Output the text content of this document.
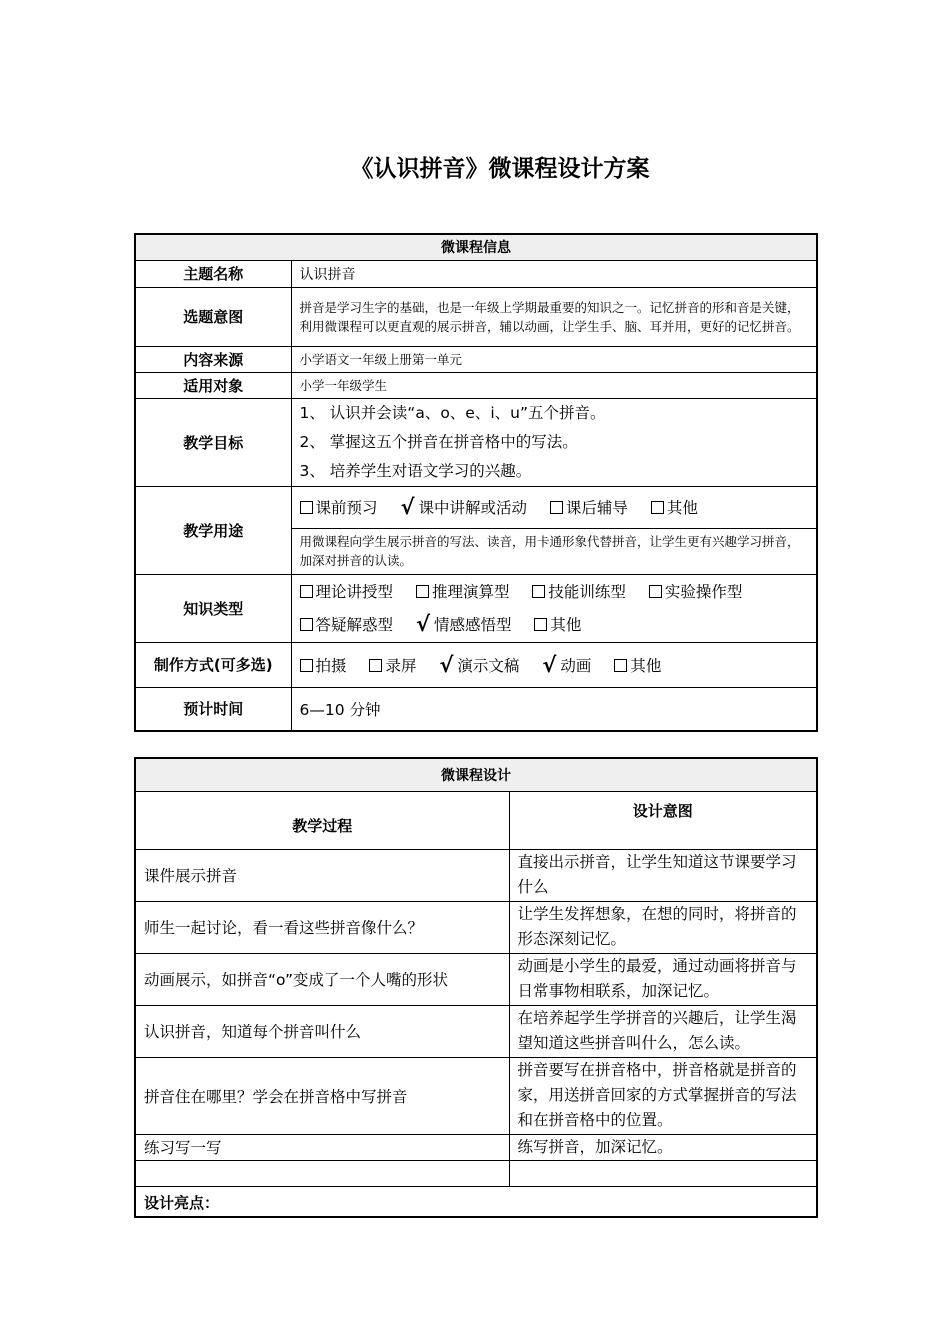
《认识拼音》微课程设计方案
微课程信息	
主题名称	认识拼音
选题意图	拼音是学习生字的基础，也是一年级上学期最重要的知识之一。记忆拼音的形和音是关键，利用微课程可以更直观的展示拼音，辅以动画，让学生手、脑、耳并用，更好的记忆拼音。
内容来源	小学语文一年级上册第一单元
适用对象	小学一年级学生
教学目标	1、 认识并会读“a、o、e、i、u”五个拼音。
2、 掌握这五个拼音在拼音格中的写法。
3、 培养学生对语文学习的兴趣。

教学用途	课前预习 √ 课中讲解或活动 课后辅导 其他
	用微课程向学生展示拼音的写法、读音，用卡通形象代替拼音，让学生更有兴趣学习拼音，加深对拼音的认读。
知识类型	理论讲授型 推理演算型 技能训练型 实验操作型
答疑解惑型 √ 情感感悟型 其他

制作方式(可多选)	拍摄 录屏 √ 演示文稿 √ 动画 其他
预计时间	6—10 分钟
微课程设计	
教学过程	设计意图
课件展示拼音	直接出示拼音，让学生知道这节课要学习
什么

师生一起讨论，看一看这些拼音像什么？	让学生发挥想象，在想的同时，将拼音的
形态深刻记忆。

动画展示，如拼音“o”变成了一个人嘴的形状	动画是小学生的最爱，通过动画将拼音与
日常事物相联系，加深记忆。

认识拼音，知道每个拼音叫什么	在培养起学生学拼音的兴趣后，让学生渴
望知道这些拼音叫什么，怎么读。

拼音住在哪里？学会在拼音格中写拼音	拼音要写在拼音格中，拼音格就是拼音的
家，用送拼音回家的方式掌握拼音的写法
和在拼音格中的位置。

练习写一写	练写拼音，加深记忆。

设计亮点：	
